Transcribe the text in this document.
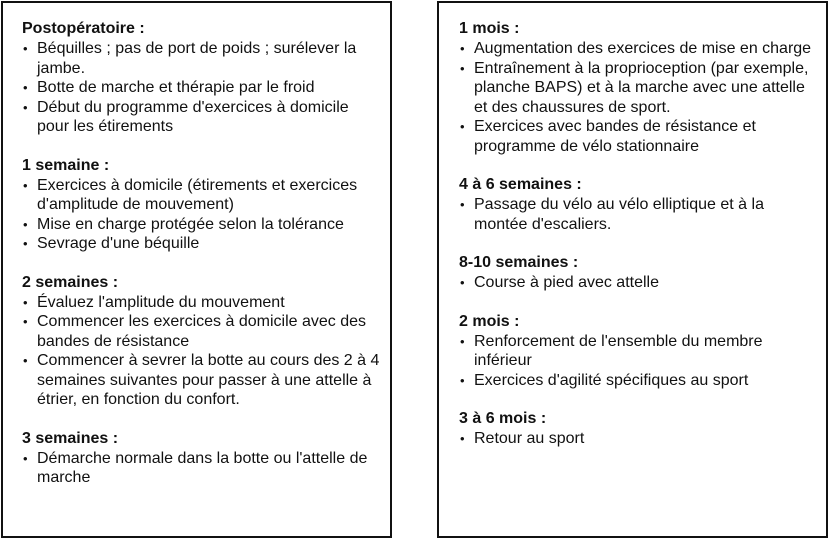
Postopératoire :
• Béquilles ; pas de port de poids ; surélever la jambe.
• Botte de marche et thérapie par le froid
• Début du programme d'exercices à domicile pour les étirements
1 semaine :
• Exercices à domicile (étirements et exercices d'amplitude de mouvement)
• Mise en charge protégée selon la tolérance
• Sevrage d'une béquille
2 semaines :
• Évaluez l'amplitude du mouvement
• Commencer les exercices à domicile avec des bandes de résistance
• Commencer à sevrer la botte au cours des 2 à 4 semaines suivantes pour passer à une attelle à étrier, en fonction du confort.
3 semaines :
• Démarche normale dans la botte ou l'attelle de marche
1 mois :
• Augmentation des exercices de mise en charge
• Entraînement à la proprioception (par exemple, planche BAPS) et à la marche avec une attelle et des chaussures de sport.
• Exercices avec bandes de résistance et programme de vélo stationnaire
4 à 6 semaines :
• Passage du vélo au vélo elliptique et à la montée d'escaliers.
8-10 semaines :
• Course à pied avec attelle
2 mois :
• Renforcement de l'ensemble du membre inférieur
• Exercices d'agilité spécifiques au sport
3 à 6 mois :
• Retour au sport
